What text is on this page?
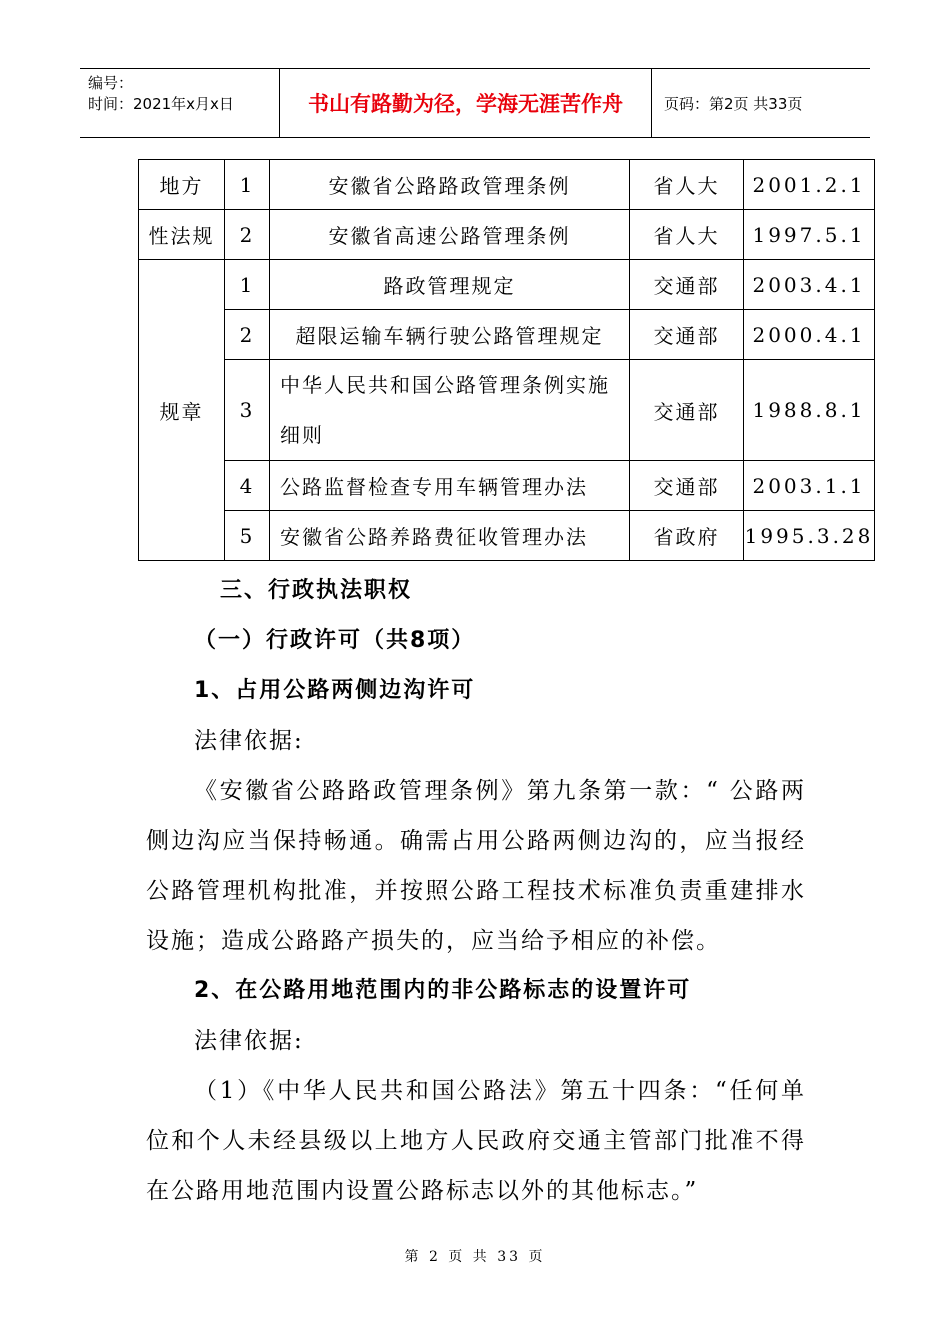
编号：
时间：2021年x月x日	书山有路勤为径，学海无涯苦作舟	页码：第2页 共33页
地方	1	安徽省公路路政管理条例	省人大	2001.2.1
性法规	2	安徽省高速公路管理条例	省人大	1997.5.1
规章	1	路政管理规定	交通部	2003.4.1
	2	超限运输车辆行驶公路管理规定	交通部	2000.4.1
	3	中华人民共和国公路管理条例实施细则	交通部	1988.8.1
	4	公路监督检查专用车辆管理办法	交通部	2003.1.1
	5	安徽省公路养路费征收管理办法	省政府	1995.3.28
三、行政执法职权
（一）行政许可（共8项）
1、占用公路两侧边沟许可
法律依据:
《安徽省公路路政管理条例》第九条第一款：“ 公路两侧边沟应当保持畅通。确需占用公路两侧边沟的，应当报经公路管理机构批准，并按照公路工程技术标准负责重建排水设施；造成公路路产损失的，应当给予相应的补偿。
2、在公路用地范围内的非公路标志的设置许可
法律依据:
（1）《中华人民共和国公路法》第五十四条：“任何单位和个人未经县级以上地方人民政府交通主管部门批准不得在公路用地范围内设置公路标志以外的其他标志。”
第 2 页 共 33 页
